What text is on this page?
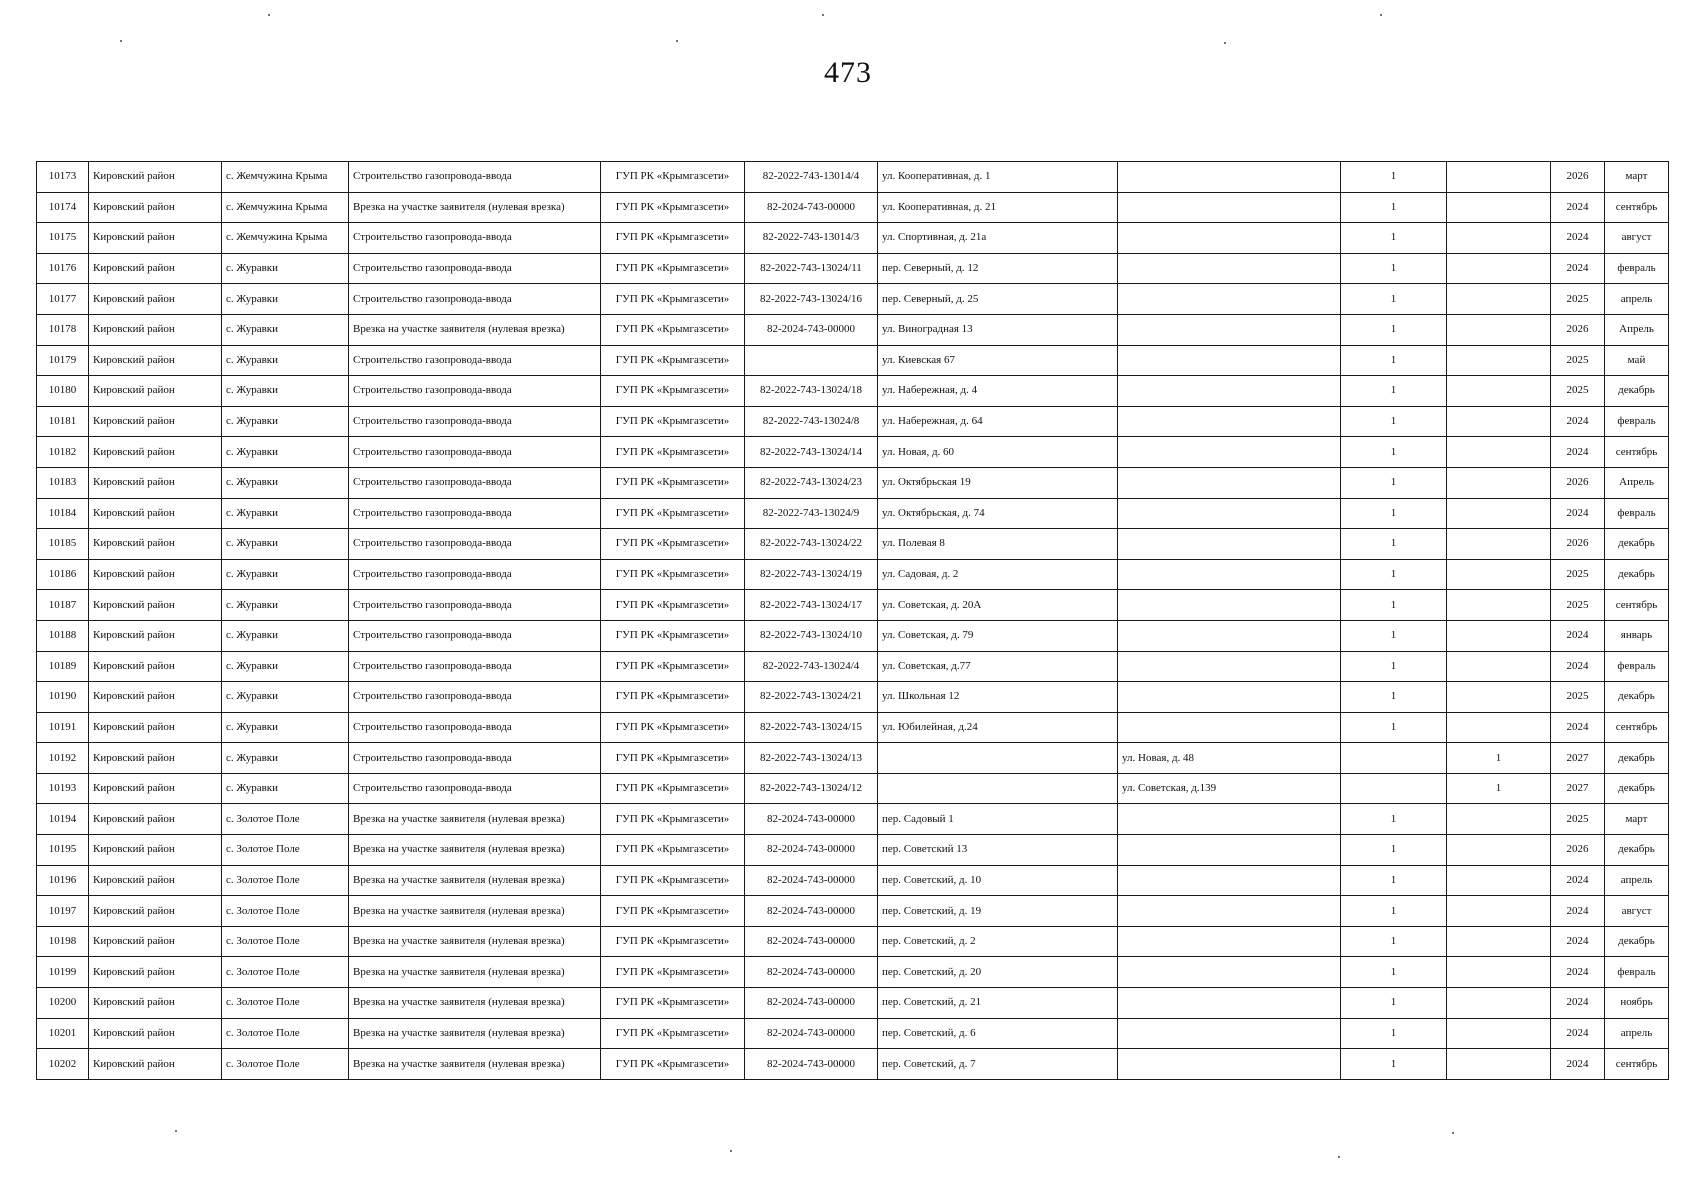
473
10173	Кировский район	с. Жемчужина Крыма	Строительство газопровода-ввода	ГУП РК «Крымгазсети»	82-2022-743-13014/4	ул. Кооперативная, д. 1		1		2026	март
10174	Кировский район	с. Жемчужина Крыма	Врезка на участке заявителя (нулевая врезка)	ГУП РК «Крымгазсети»	82-2024-743-00000	ул. Кооперативная, д. 21		1		2024	сентябрь
10175	Кировский район	с. Жемчужина Крыма	Строительство газопровода-ввода	ГУП РК «Крымгазсети»	82-2022-743-13014/3	ул. Спортивная, д. 21а		1		2024	август
10176	Кировский район	с. Журавки	Строительство газопровода-ввода	ГУП РК «Крымгазсети»	82-2022-743-13024/11	пер. Северный, д. 12		1		2024	февраль
10177	Кировский район	с. Журавки	Строительство газопровода-ввода	ГУП РК «Крымгазсети»	82-2022-743-13024/16	пер. Северный, д. 25		1		2025	апрель
10178	Кировский район	с. Журавки	Врезка на участке заявителя (нулевая врезка)	ГУП РК «Крымгазсети»	82-2024-743-00000	ул. Виноградная 13		1		2026	Апрель
10179	Кировский район	с. Журавки	Строительство газопровода-ввода	ГУП РК «Крымгазсети»		ул. Киевская 67		1		2025	май
10180	Кировский район	с. Журавки	Строительство газопровода-ввода	ГУП РК «Крымгазсети»	82-2022-743-13024/18	ул. Набережная, д. 4		1		2025	декабрь
10181	Кировский район	с. Журавки	Строительство газопровода-ввода	ГУП РК «Крымгазсети»	82-2022-743-13024/8	ул. Набережная, д. 64		1		2024	февраль
10182	Кировский район	с. Журавки	Строительство газопровода-ввода	ГУП РК «Крымгазсети»	82-2022-743-13024/14	ул. Новая, д. 60		1		2024	сентябрь
10183	Кировский район	с. Журавки	Строительство газопровода-ввода	ГУП РК «Крымгазсети»	82-2022-743-13024/23	ул. Октябрьская 19		1		2026	Апрель
10184	Кировский район	с. Журавки	Строительство газопровода-ввода	ГУП РК «Крымгазсети»	82-2022-743-13024/9	ул. Октябрьская, д. 74		1		2024	февраль
10185	Кировский район	с. Журавки	Строительство газопровода-ввода	ГУП РК «Крымгазсети»	82-2022-743-13024/22	ул. Полевая 8		1		2026	декабрь
10186	Кировский район	с. Журавки	Строительство газопровода-ввода	ГУП РК «Крымгазсети»	82-2022-743-13024/19	ул. Садовая, д. 2		1		2025	декабрь
10187	Кировский район	с. Журавки	Строительство газопровода-ввода	ГУП РК «Крымгазсети»	82-2022-743-13024/17	ул. Советская, д. 20А		1		2025	сентябрь
10188	Кировский район	с. Журавки	Строительство газопровода-ввода	ГУП РК «Крымгазсети»	82-2022-743-13024/10	ул. Советская, д. 79		1		2024	январь
10189	Кировский район	с. Журавки	Строительство газопровода-ввода	ГУП РК «Крымгазсети»	82-2022-743-13024/4	ул. Советская, д.77		1		2024	февраль
10190	Кировский район	с. Журавки	Строительство газопровода-ввода	ГУП РК «Крымгазсети»	82-2022-743-13024/21	ул. Школьная 12		1		2025	декабрь
10191	Кировский район	с. Журавки	Строительство газопровода-ввода	ГУП РК «Крымгазсети»	82-2022-743-13024/15	ул. Юбилейная, д.24		1		2024	сентябрь
10192	Кировский район	с. Журавки	Строительство газопровода-ввода	ГУП РК «Крымгазсети»	82-2022-743-13024/13		ул. Новая, д. 48		1	2027	декабрь
10193	Кировский район	с. Журавки	Строительство газопровода-ввода	ГУП РК «Крымгазсети»	82-2022-743-13024/12		ул. Советская, д.139		1	2027	декабрь
10194	Кировский район	с. Золотое Поле	Врезка на участке заявителя (нулевая врезка)	ГУП РК «Крымгазсети»	82-2024-743-00000	пер. Садовый 1		1		2025	март
10195	Кировский район	с. Золотое Поле	Врезка на участке заявителя (нулевая врезка)	ГУП РК «Крымгазсети»	82-2024-743-00000	пер. Советский 13		1		2026	декабрь
10196	Кировский район	с. Золотое Поле	Врезка на участке заявителя (нулевая врезка)	ГУП РК «Крымгазсети»	82-2024-743-00000	пер. Советский, д. 10		1		2024	апрель
10197	Кировский район	с. Золотое Поле	Врезка на участке заявителя (нулевая врезка)	ГУП РК «Крымгазсети»	82-2024-743-00000	пер. Советский, д. 19		1		2024	август
10198	Кировский район	с. Золотое Поле	Врезка на участке заявителя (нулевая врезка)	ГУП РК «Крымгазсети»	82-2024-743-00000	пер. Советский, д. 2		1		2024	декабрь
10199	Кировский район	с. Золотое Поле	Врезка на участке заявителя (нулевая врезка)	ГУП РК «Крымгазсети»	82-2024-743-00000	пер. Советский, д. 20		1		2024	февраль
10200	Кировский район	с. Золотое Поле	Врезка на участке заявителя (нулевая врезка)	ГУП РК «Крымгазсети»	82-2024-743-00000	пер. Советский, д. 21		1		2024	ноябрь
10201	Кировский район	с. Золотое Поле	Врезка на участке заявителя (нулевая врезка)	ГУП РК «Крымгазсети»	82-2024-743-00000	пер. Советский, д. 6		1		2024	апрель
10202	Кировский район	с. Золотое Поле	Врезка на участке заявителя (нулевая врезка)	ГУП РК «Крымгазсети»	82-2024-743-00000	пер. Советский, д. 7		1		2024	сентябрь
